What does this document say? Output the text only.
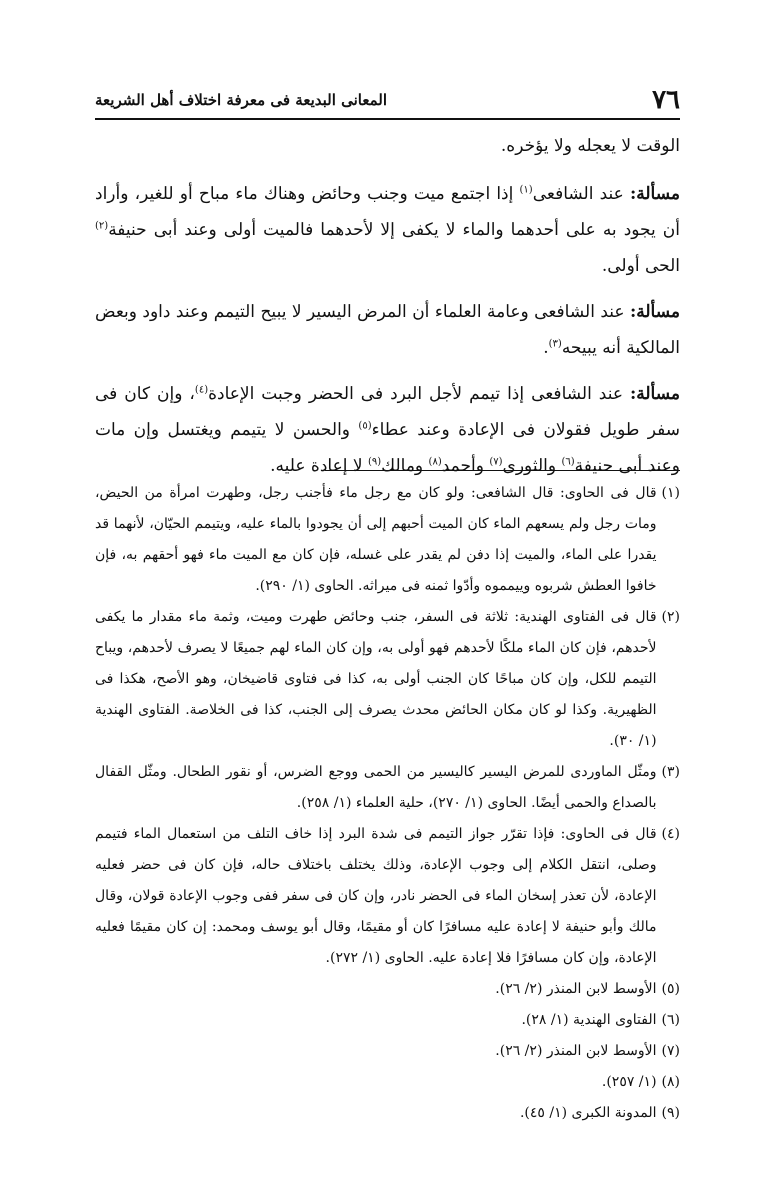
٧٦
المعانى البديعة فى معرفة اختلاف أهل الشريعة

الوقت لا يعجله ولا يؤخره.

مسألة: عند الشافعى$^{(١)}$ إذا اجتمع ميت وجنب وحائض وهناك ماء مباح أو للغير، وأراد أن يجود به على أحدهما والماء لا يكفى إلا لأحدهما فالميت أولى وعند أبى حنيفة$^{(٢)}$ الحى أولى.

مسألة: عند الشافعى وعامة العلماء أن المرض اليسير لا يبيح التيمم وعند داود وبعض المالكية أنه يبيحه$^{(٣)}$.

مسألة: عند الشافعى إذا تيمم لأجل البرد فى الحضر وجبت الإعادة$^{(٤)}$، وإن كان فى سفر طويل فقولان فى الإعادة وعند عطاء$^{(٥)}$ والحسن لا يتيمم ويغتسل وإن مات وعند أبى حنيفة$^{(٦)}$ والثورى$^{(٧)}$ وأحمد$^{(٨)}$ ومالك$^{(٩)}$ لا إعادة عليه.

(١)
قال فى الحاوى: قال الشافعى: ولو كان مع رجل ماء فأجنب رجل، وطهرت امرأة من الحيض، ومات رجل ولم يسعهم الماء كان الميت أحبهم إلى أن يجودوا بالماء عليه، ويتيمم الحيّان، لأنهما قد يقدرا على الماء، والميت إذا دفن لم يقدر على غسله، فإن كان مع الميت ماء فهو أحقهم به، فإن خافوا العطش شربوه وييمموه وأدّوا ثمنه فى ميراثه. الحاوى (١/ ٢٩٠).
(٢)
قال فى الفتاوى الهندية: ثلاثة فى السفر، جنب وحائض طهرت وميت، وثمة ماء مقدار ما يكفى لأحدهم، فإن كان الماء ملكًا لأحدهم فهو أولى به، وإن كان الماء لهم جميعًا لا يصرف لأحدهم، ويباح التيمم للكل، وإن كان مباحًا كان الجنب أولى به، كذا فى فتاوى قاضيخان، وهو الأصح، هكذا فى الظهيرية. وكذا لو كان مكان الحائض محدث يصرف إلى الجنب، كذا فى الخلاصة. الفتاوى الهندية (١/ ٣٠).
(٣)
ومثّل الماوردى للمرض اليسير كاليسير من الحمى ووجع الضرس، أو نقور الطحال. ومثّل القفال بالصداع والحمى أيضًا. الحاوى (١/ ٢٧٠)، حلية العلماء (١/ ٢٥٨).
(٤)
قال فى الحاوى: فإذا تقرّر جواز التيمم فى شدة البرد إذا خاف التلف من استعمال الماء فتيمم وصلى، انتقل الكلام إلى وجوب الإعادة، وذلك يختلف باختلاف حاله، فإن كان فى حضر فعليه الإعادة، لأن تعذر إسخان الماء فى الحضر نادر، وإن كان فى سفر ففى وجوب الإعادة قولان، وقال مالك وأبو حنيفة لا إعادة عليه مسافرًا كان أو مقيمًا، وقال أبو يوسف ومحمد: إن كان مقيمًا فعليه الإعادة، وإن كان مسافرًا فلا إعادة عليه. الحاوى (١/ ٢٧٢).
(٥)
الأوسط لابن المنذر (٢/ ٢٦).
(٦)
الفتاوى الهندية (١/ ٢٨).
(٧)
الأوسط لابن المنذر (٢/ ٢٦).
(٨)
(١/ ٢٥٧).
(٩)
المدونة الكبرى (١/ ٤٥).
